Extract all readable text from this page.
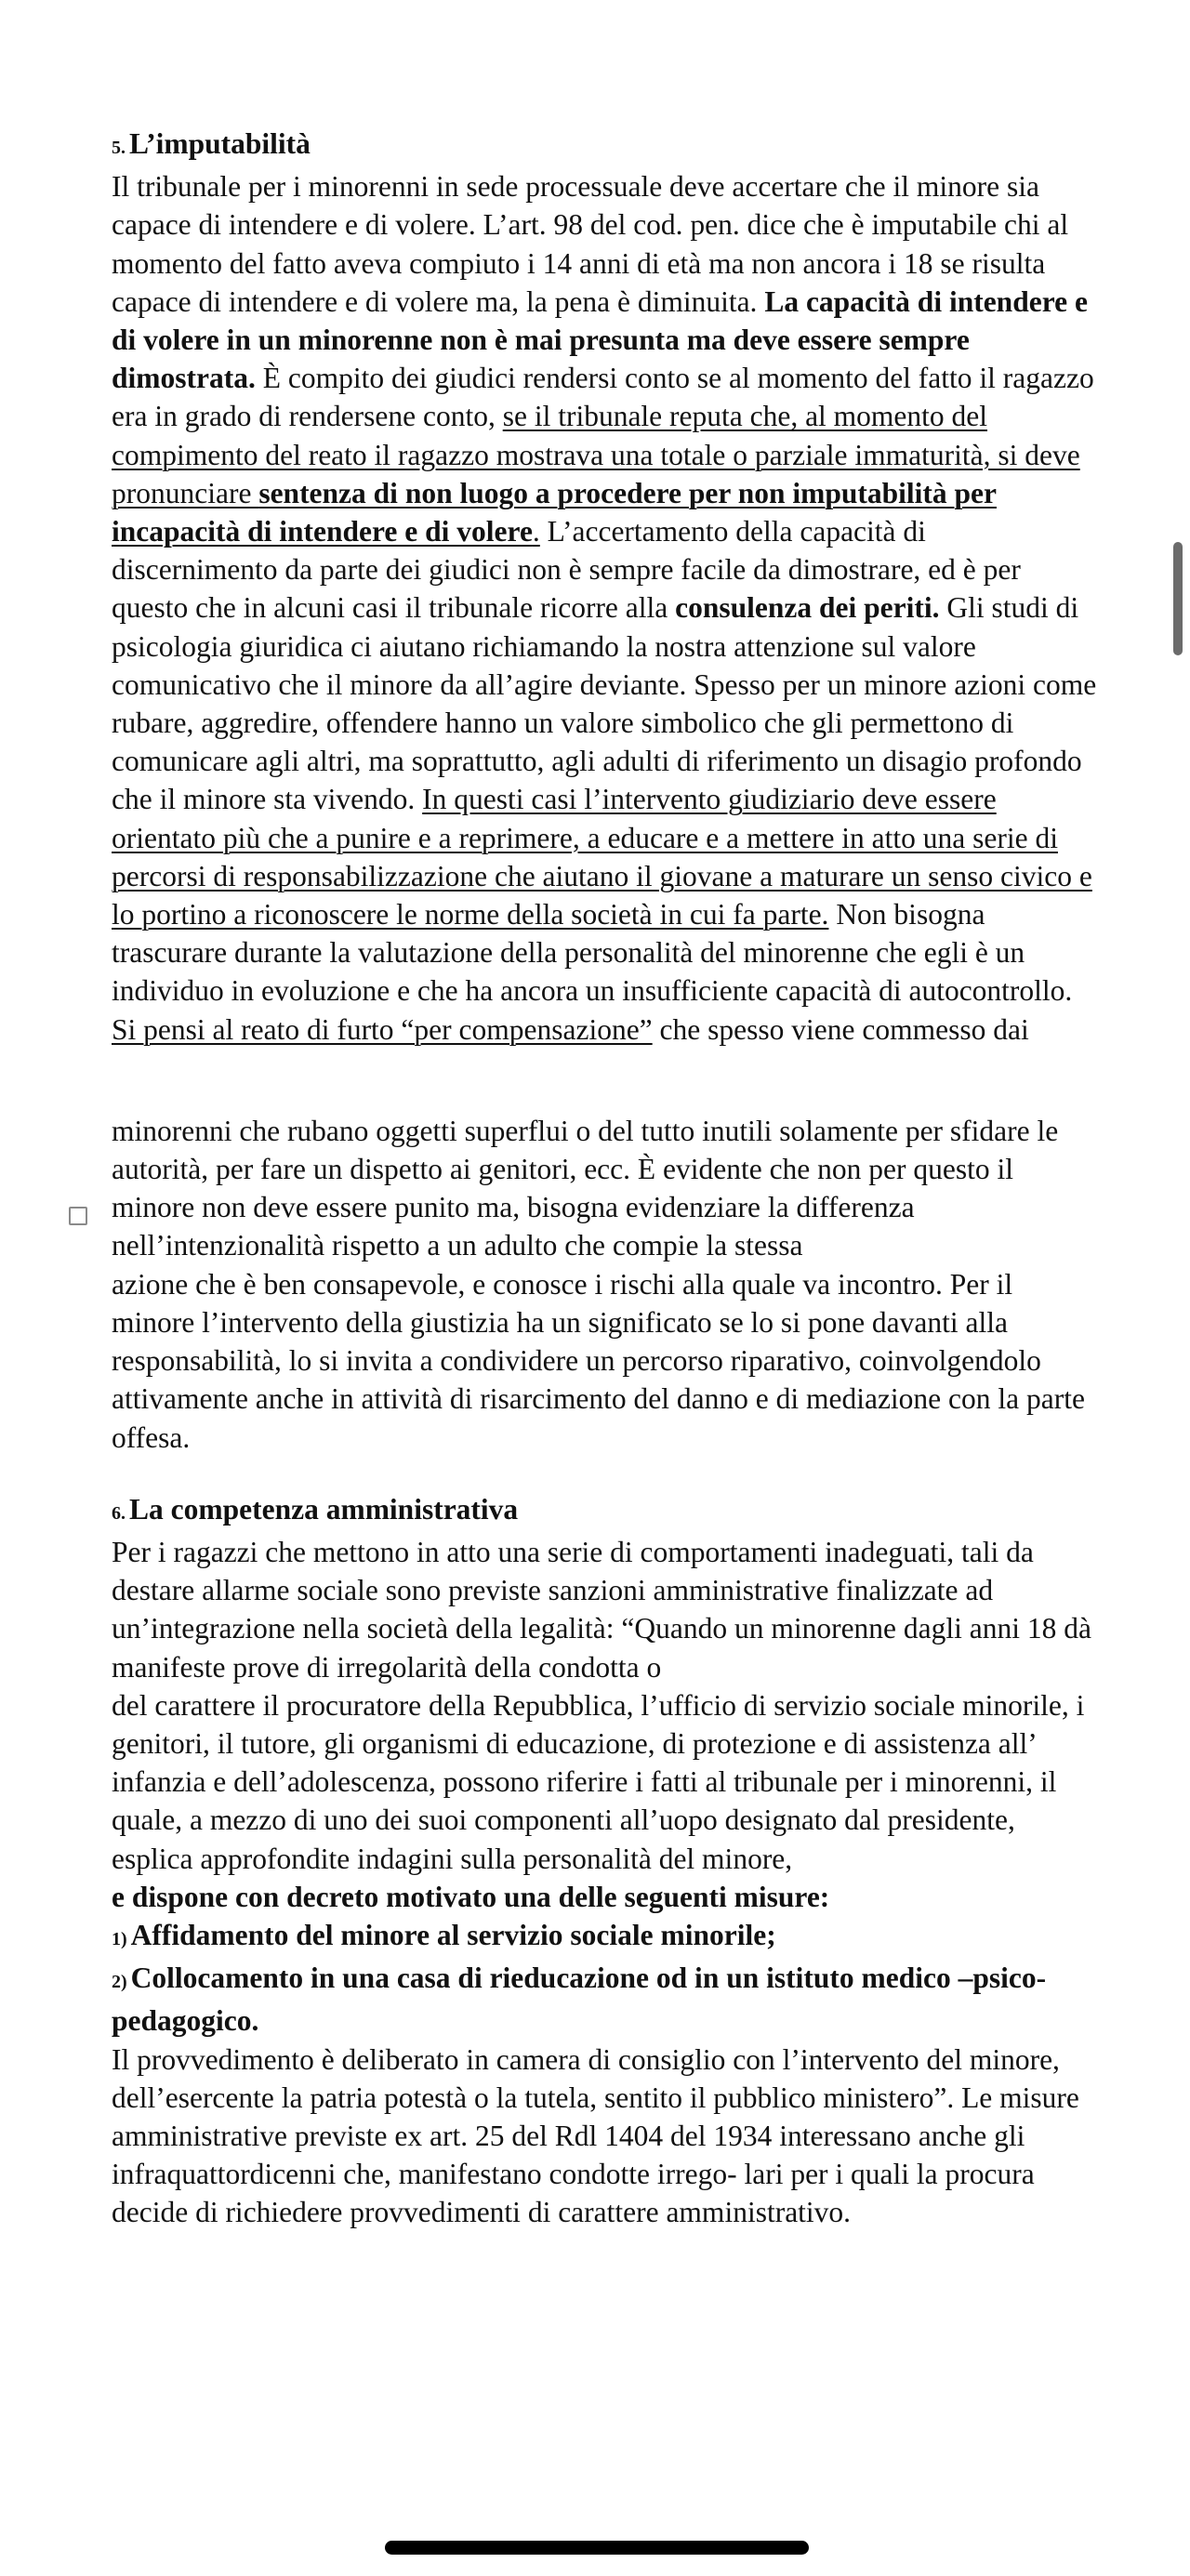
5. L’imputabilità

Il tribunale per i minorenni in sede processuale deve accertare che il minore sia capace di intendere e di volere. L’art. 98 del cod. pen. dice che è imputabile chi al momento del fatto aveva compiuto i 14 anni di età ma non ancora i 18 se risulta capace di intendere e di volere ma, la pena è diminuita. La capacità di intendere e di volere in un minorenne non è mai presunta ma deve essere sempre dimostrata. È compito dei giudici rendersi conto se al momento del fatto il ragazzo era in grado di rendersene conto, se il tribunale reputa che, al momento del compimento del reato il ragazzo mostrava una totale o parziale immaturità, si deve pronunciare sentenza di non luogo a procedere per non imputabilità per incapacità di intendere e di volere. L’accertamento della capacità di discernimento da parte dei giudici non è sempre facile da dimostrare, ed è per questo che in alcuni casi il tribunale ricorre alla consulenza dei periti. Gli studi di psicologia giuridica ci aiutano richiamando la nostra attenzione sul valore comunicativo che il minore da all’agire deviante. Spesso per un minore azioni come rubare, aggredire, offendere hanno un valore simbolico che gli permettono di comunicare agli altri, ma soprattutto, agli adulti di riferimento un disagio profondo che il minore sta vivendo. In questi casi l’intervento giudiziario deve essere orientato più che a punire e a reprimere, a educare e a mettere in atto una serie di percorsi di responsabilizzazione che aiutano il giovane a maturare un senso civico e lo portino a riconoscere le norme della società in cui fa parte. Non bisogna trascurare durante la valutazione della personalità del minorenne che egli è un individuo in evoluzione e che ha ancora un insufficiente capacità di autocontrollo. Si pensi al reato di furto “per compensazione” che spesso viene commesso dai

minorenni che rubano oggetti superflui o del tutto inutili solamente per sfidare le autorità, per fare un dispetto ai genitori, ecc. È evidente che non per questo il minore non deve essere punito ma, bisogna evidenziare la differenza nell’intenzionalità rispetto a un adulto che compie la stessa

azione che è ben consapevole, e conosce i rischi alla quale va incontro. Per il minore l’intervento della giustizia ha un significato se lo si pone davanti alla responsabilità, lo si invita a condividere un percorso riparativo, coinvolgendolo attivamente anche in attività di risarcimento del danno e di mediazione con la parte offesa.

6. La competenza amministrativa

Per i ragazzi che mettono in atto una serie di comportamenti inadeguati, tali da destare allarme sociale sono previste sanzioni amministrative finalizzate ad un’integrazione nella società della legalità: “Quando un minorenne dagli anni 18 dà manifeste prove di irregolarità della condotta o

del carattere il procuratore della Repubblica, l’ufficio di servizio sociale minorile, i genitori, il tutore, gli organismi di educazione, di protezione e di assistenza all’ infanzia e dell’adolescenza, possono riferire i fatti al tribunale per i minorenni, il quale, a mezzo di uno dei suoi componenti all’uopo designato dal presidente, esplica approfondite indagini sulla personalità del minore,

e dispone con decreto motivato una delle seguenti misure:

1) Affidamento del minore al servizio sociale minorile;
2) Collocamento in una casa di rieducazione od in un istituto medico –psico-pedagogico.

Il provvedimento è deliberato in camera di consiglio con l’intervento del minore, dell’esercente la patria potestà o la tutela, sentito il pubblico ministero”. Le misure amministrative previste ex art. 25 del Rdl 1404 del 1934 interessano anche gli infraquattordicenni che, manifestano condotte irrego- lari per i quali la procura decide di richiedere provvedimenti di carattere amministrativo.
